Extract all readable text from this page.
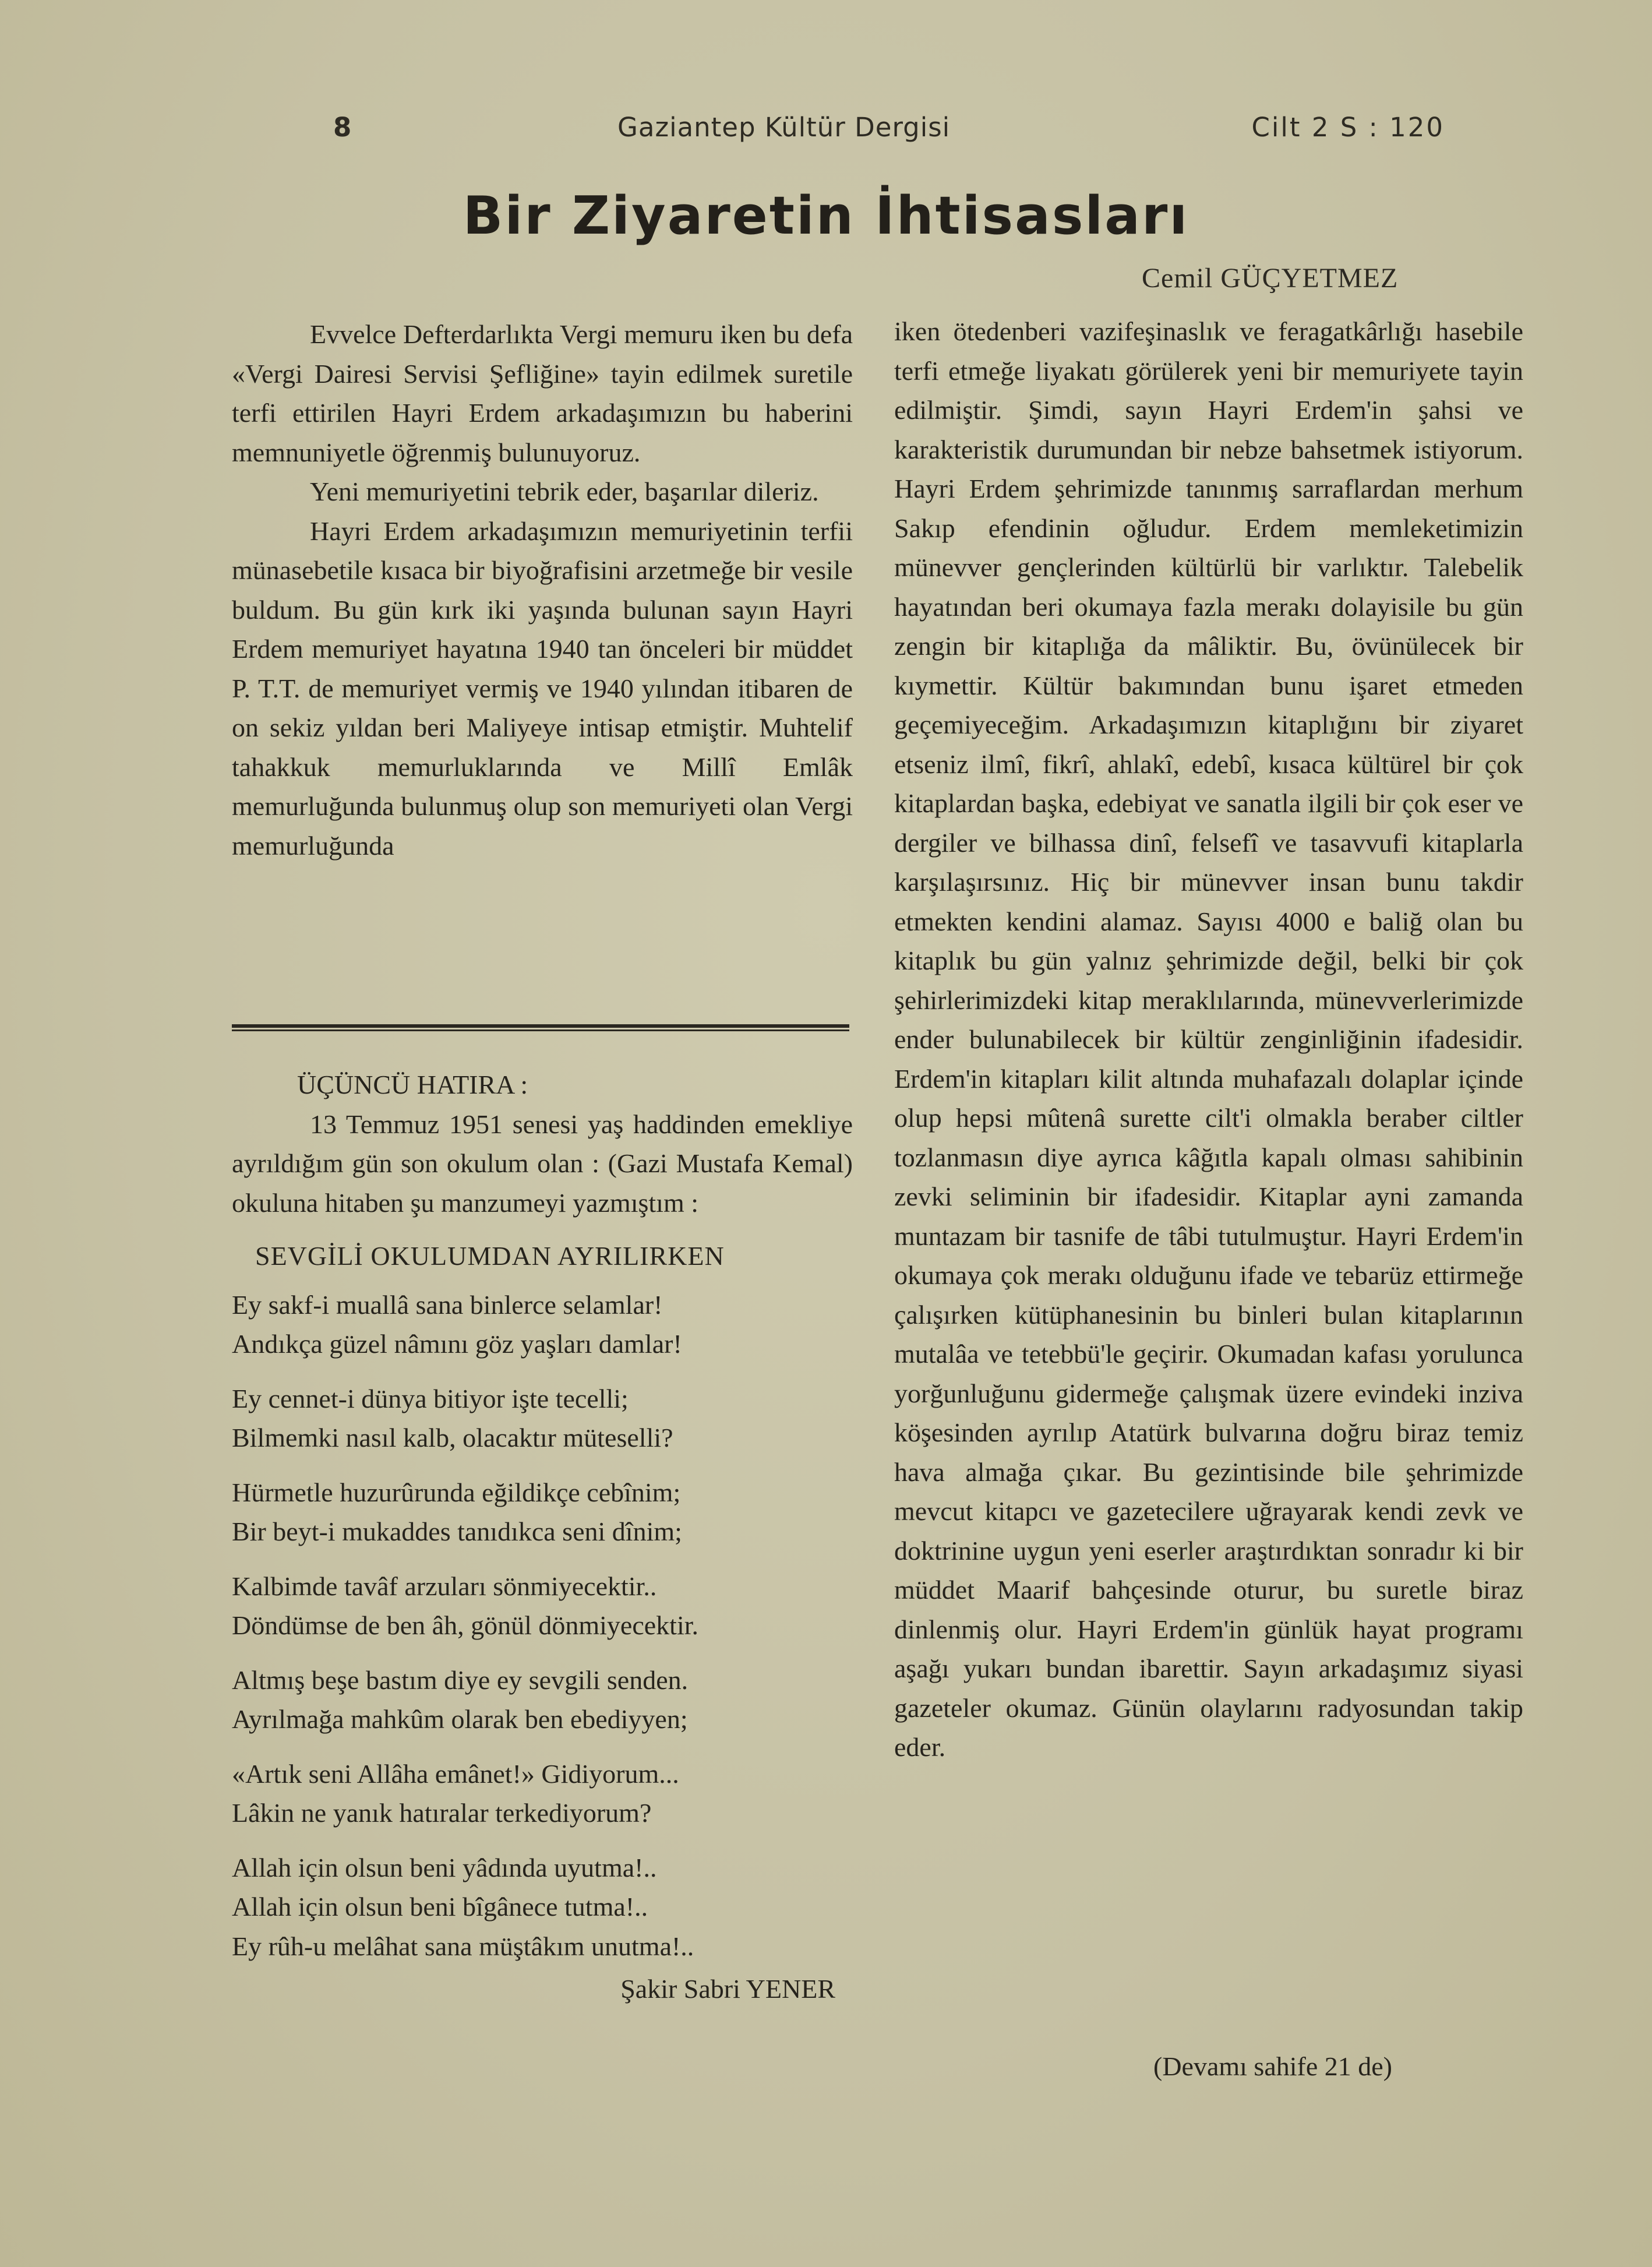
8	Gaziantep Kültür Dergisi	Cilt 2 S : 120
Bir Ziyaretin İhtisasları
Cemil GÜÇYETMEZ

Evvelce Defterdarlıkta Vergi memuru iken bu defa «Vergi Dairesi Servisi Şefliğine» tayin edilmek suretile terfi ettirilen Hayri Erdem arkadaşımızın bu haberini memnuniyetle öğrenmiş bulunuyoruz.

Yeni memuriyetini tebrik eder, başarılar dileriz.

Hayri Erdem arkadaşımızın memuriyetinin terfii münasebetile kısaca bir biyoğrafisini arzetmeğe bir vesile buldum. Bu gün kırk iki yaşında bulunan sayın Hayri Erdem memuriyet hayatına 1940 tan önceleri bir müddet P. T.T. de memuriyet vermiş ve 1940 yılından itibaren de on sekiz yıldan beri Maliyeye intisap etmiştir. Muhtelif tahakkuk memurluklarında ve Millî Emlâk memurluğunda bulunmuş olup son memuriyeti olan Vergi memurluğunda

ÜÇÜNCÜ HATIRA :

13 Temmuz 1951 senesi yaş haddinden emekliye ayrıldığım gün son okulum olan : (Gazi Mustafa Kemal) okuluna hitaben şu manzumeyi yazmıştım :

SEVGİLİ OKULUMDAN AYRILIRKEN

Ey sakf-i muallâ sana binlerce selamlar!
Andıkça güzel nâmını göz yaşları damlar!
Ey cennet-i dünya bitiyor işte tecelli;
Bilmemki nasıl kalb, olacaktır müteselli?
Hürmetle huzurûrunda eğildikçe cebînim;
Bir beyt-i mukaddes tanıdıkca seni dînim;
Kalbimde tavâf arzuları sönmiyecektir..
Döndümse de ben âh, gönül dönmiyecektir.
Altmış beşe bastım diye ey sevgili senden.
Ayrılmağa mahkûm olarak ben ebediyyen;
«Artık seni Allâha emânet!» Gidiyorum...
Lâkin ne yanık hatıralar terkediyorum?
Allah için olsun beni yâdında uyutma!..
Allah için olsun beni bîgânece tutma!..
Ey rûh-u melâhat sana müştâkım unutma!..
Şakir Sabri YENER

iken ötedenberi vazifeşinaslık ve feragatkârlığı hasebile terfi etmeğe liyakatı görülerek yeni bir memuriyete tayin edilmiştir. Şimdi, sayın Hayri Erdem'in şahsi ve karakteristik durumundan bir nebze bahsetmek istiyorum. Hayri Erdem şehrimizde tanınmış sarraflardan merhum Sakıp efendinin oğludur. Erdem memleketimizin münevver gençlerinden kültürlü bir varlıktır. Talebelik hayatından beri okumaya fazla merakı dolayisile bu gün zengin bir kitaplığa da mâliktir. Bu, övünülecek bir kıymettir. Kültür bakımından bunu işaret etmeden geçemiyeceğim. Arkadaşımızın kitaplığını bir ziyaret etseniz ilmî, fikrî, ahlakî, edebî, kısaca kültürel bir çok kitaplardan başka, edebiyat ve sanatla ilgili bir çok eser ve dergiler ve bilhassa dinî, felsefî ve tasavvufi kitaplarla karşılaşırsınız. Hiç bir münevver insan bunu takdir etmekten kendini alamaz. Sayısı 4000 e baliğ olan bu kitaplık bu gün yalnız şehrimizde değil, belki bir çok şehirlerimizdeki kitap meraklılarında, münevverlerimizde ender bulunabilecek bir kültür zenginliğinin ifadesidir. Erdem'in kitapları kilit altında muhafazalı dolaplar içinde olup hepsi mûtenâ surette cilt'i olmakla beraber ciltler tozlanmasın diye ayrıca kâğıtla kapalı olması sahibinin zevki seliminin bir ifadesidir. Kitaplar ayni zamanda muntazam bir tasnife de tâbi tutulmuştur. Hayri Erdem'in okumaya çok merakı olduğunu ifade ve tebarüz ettirmeğe çalışırken kütüphanesinin bu binleri bulan kitaplarının mutalâa ve tetebbü'le geçirir. Okumadan kafası yorulunca yorğunluğunu gidermeğe çalışmak üzere evindeki inziva köşesinden ayrılıp Atatürk bulvarına doğru biraz temiz hava almağa çıkar. Bu gezintisinde bile şehrimizde mevcut kitapcı ve gazetecilere uğrayarak kendi zevk ve doktrinine uygun yeni eserler araştırdıktan sonradır ki bir müddet Maarif bahçesinde oturur, bu suretle biraz dinlenmiş olur. Hayri Erdem'in günlük hayat programı aşağı yukarı bundan ibarettir. Sayın arkadaşımız siyasi gazeteler okumaz. Günün olaylarını radyosundan takip eder.

(Devamı sahife 21 de)
